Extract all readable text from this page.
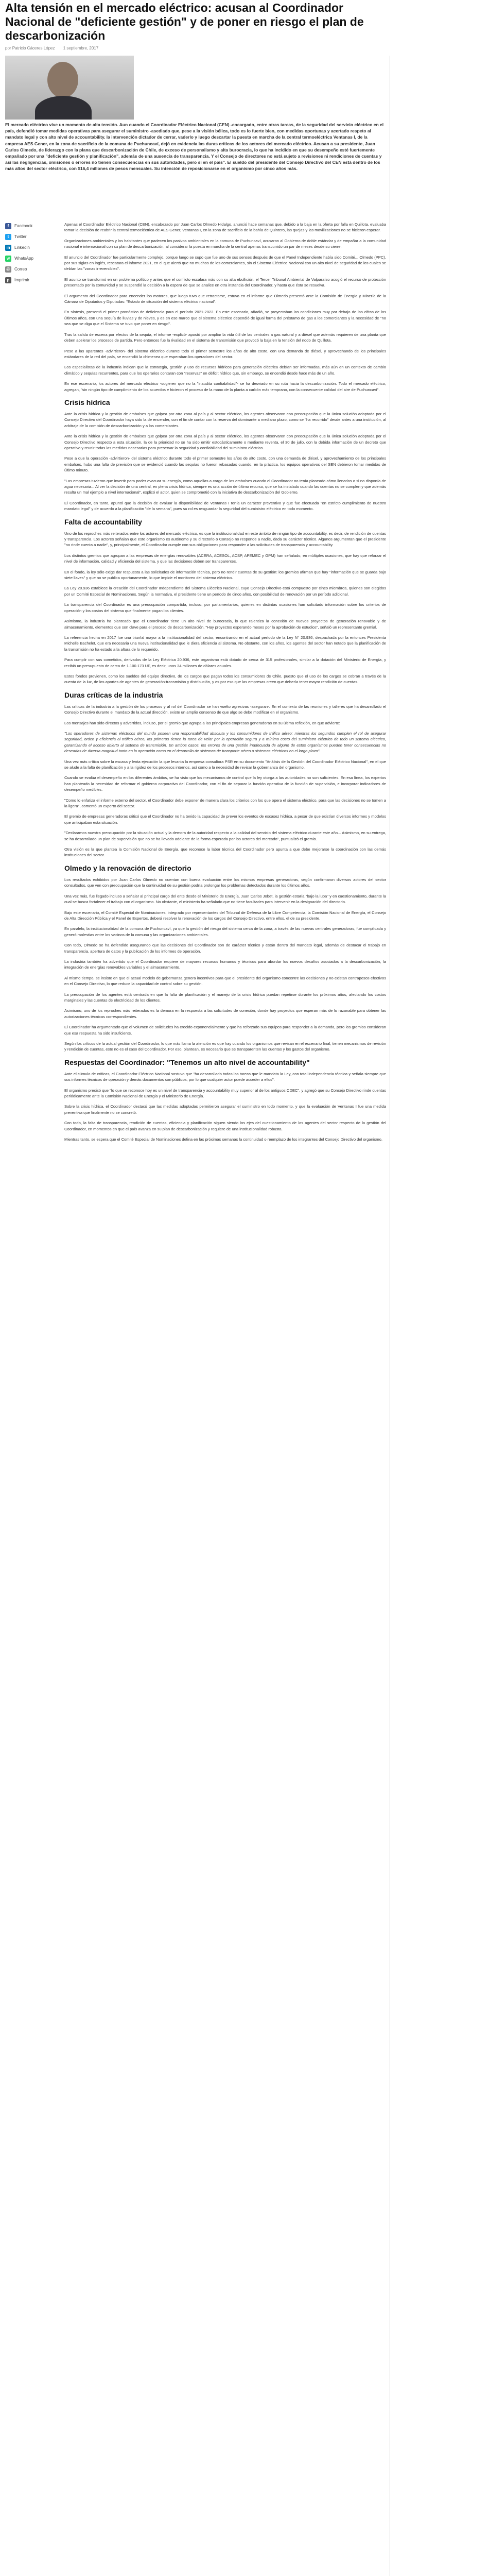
Alta tensión en el mercado eléctrico: acusan al Coordinador Nacional de "deficiente gestión" y de poner en riesgo el plan de descarbonización
por Patricio Cáceres López 1 septiembre, 2017
El mercado eléctrico vive un momento de alta tensión. Aun cuando el Coordinador Eléctrico Nacional (CEN) -encargado, entre otras tareas, de la seguridad del servicio eléctrico en el país, defendió tomar medidas operativas para asegurar el suministro -asediado que, pese a la visión bélica, todo es lo fuerte bien, con medidas oportunas y acertado respeto al mandato legal y con alto nivel de accountability. la intervención dictador de cerrar, vaderlo y luego descartar la puesta en marcha de la central termoeléctrica Ventanas I, de la empresa AES Gener, en la zona de sacrificio de la comuna de Puchuncaví, dejó en evidencia las duras críticas de los actores del mercado eléctrico. Acusan a su presidente, Juan Carlos Olmedo, de liderazgo con la plana que descarbonización de Chile, de exceso de personalismo y alta burocracia, lo que ha incidido en que su desempeño esté fuertemente empañado por una "deficiente gestión y planificación", además de una ausencia de transparencia. Y el Consejo de directores no está sujeto a revisiones ni rendiciones de cuentas y así las negligencias, omisiones o errores no tienen consecuencias en sus autoridades, pero sí en el país". El sueldo del presidente del Consejo Directivo del CEN está dentro de los más altos del sector eléctrico, con $16,4 millones de pesos mensuales. Su intención de reposicionarse en el organismo por cinco años más.
f	Facebook
t	Twitter
in	Linkedin
w	WhatsApp
@ Correo
p	Imprimir

Apenas el Coordinador Eléctrico Nacional (CEN), encabezado por Juan Carlos Olmedo Hidalgo, anunció hace semanas que, debido a la baja en la oferta por falla en Quillota, evaluaba tomar la decisión de reabrir la central termoeléctrica de AES Gener, Ventanas I, en la zona de sacrificio de la bahía de Quintero, las quejas y las movilizaciones no se hicieron esperar.

Organizaciones ambientales y los habitantes que padecen los pasivos ambientales en la comuna de Puchuncaví, acusaron al Gobierno de doble estándar y de empañar a la comunidad nacional e internacional con su plan de descarbonización, al considerar la puesta en marcha de la central apenas transcurrido un par de meses desde su cierre.

El anuncio del Coordinador fue particularmente complejo, porque luego se supo que fue uno de sus senses después de que el Panel Independiente había sido Comité... Olmedo (PPC), por sus siglas en inglés, rescatara el informe 2021, en el que alertó que no muchos de los comerciantes, sin el Sistema Eléctrico Nacional con un alto nivel de seguridad de los cuales se debían las "zonas irreversibles".

El asunto se transformó en un problema político y antes que el conflicto escalara más con su alta ebullición, el Tercer Tribunal Ambiental de Valparaíso acogió el recurso de protección presentado por la comunidad y se suspendió la decisión a la espera de que se analice en otra instancia del Coordinador, y hasta que ésta se resuelva.

El argumento del Coordinador para encender los motores, que luego tuvo que retractarse, estuvo en el informe que Olmedo presentó ante la Comisión de Energía y Minería de la Cámara de Diputados y Diputadas: "Estado de situación del sistema eléctrico nacional".

En síntesis, presentó el primer pronóstico de deficiencia para el período 2021-2022. En este escenario, añadió, se proyectaban las condiciones muy por debajo de las cifras de los últimos años, con una sequía de lluvias y de nieves, y es en ese marco que el sistema eléctrico dependió de igual forma del préstamo de gas a los comerciantes y la necesidad de "no sea que se diga que el Sistema se tuvo que poner en riesgo".

Tras la salida de escena por efectos de la sequía, el informe -explicó- apostó por ampliar la vida útil de las centrales a gas natural y a diésel que además requieren de una planta que deben acelerar los procesos de partida. Pero entonces fue la rivalidad en el sistema de transmisión que provocó la baja en la tensión del nodo de Quillota.

Pese a las aparentes -advirtieron- del sistema eléctrico durante todo el primer semestre los años de alto costo, con una demanda de diésel, y aprovechando de los principales estándares de la red del país, se encendió la chimenea que esperaban los operadores del sector.

Los especialistas de la industria indican que la estrategia, gestión y uso de recursos hídricos para generación eléctrica debían ser informadas, más aún en un contexto de cambio climático y sequías recurrentes, para que los operarios contaran con "reservas" en déficit hídrico que, sin embargo, se encendió desde hace más de un año.

En ese escenario, los actores del mercado eléctrico -sugieren que no la "inaudita confiabilidad"- se ha desviado en su ruta hacia la descarbonización. Todo el mercado eléctrico, agregan, "sin ningún tipo de cumplimiento de los acuerdos e hicieron el proceso de la mano de la planta a carbón más temprano, con la consecuente calidad del aire de Puchuncaví".

Crisis hídrica

Ante la crisis hídrica y la gestión de embalses que golpea por otra zona al país y al sector eléctrico, los agentes observaron con preocupación que la única solución adoptada por el Consejo Directivo del Coordinador haya sido la de encender, con el fin de contar con la reserva del dominante a mediano plazo, como se "ha recurrido" desde antes a una institución, al arbitraje de la comisión de descarbonización y a los comerciantes.

Ante la crisis hídrica y la gestión de embalses que golpea por otra zona al país y al sector eléctrico, los agentes observaron con preocupación que la única solución adoptada por el Consejo Directivo respecto a esta situación, la de la prioridad no se ha sido emitir estocásticamente o mediante reventa, el 30 de julio, con la debida información de un decreto que operativo y reunir todas las medidas necesarias para preservar la seguridad y confiabilidad del suministro eléctrico.

Pese a que la operación -advirtieron- del sistema eléctrico durante todo el primer semestre los años de alto costo, con una demanda de diésel, y aprovechamiento de los principales embalses, hubo una falta de previsión que se evidenció cuando las sequías no fueron rebasadas cuando, en la práctica, los equipos operativos del SEN debieron tomar medidas de último minuto.

"Las empresas tuvieron que invertir para poder evacuar su energía, como aquellas a cargo de los embalses cuando el Coordinador no tenía planeado cómo llenarlos o si no disponía de agua necesaria... Al ver la decisión de una central, en plena crisis hídrica, siempre es una acción de último recurso, que se ha instalado cuando las cuentas no se cumplen y que además resulta un mal ejemplo a nivel internacional", explicó el actor, quien se comprometió con la iniciativa de descarbonización del Gobierno.

El Coordinador, en tanto, apuntó que la decisión de evaluar la disponibilidad de Ventanas I tenía un carácter preventivo y que fue efectuada "en estricto cumplimiento de nuestro mandato legal" y de acuerdo a la planificación "de la semana", pues su rol es resguardar la seguridad del suministro eléctrico en todo momento.

Falta de accountability

Uno de los reproches más reiterados entre los actores del mercado eléctrico, es que la institucionalidad en este ámbito de ningún tipo de accountability, es decir, de rendición de cuentas y transparencia. Los actores señalan que este organismo es autónomo y su directorio o Consejo no responde a nadie, dada su carácter técnico. Algunos argumentan que el presidente "no rinde cuenta a nadie", y, principalmente, el Coordinador cumple con sus obligaciones para responder a las solicitudes de transparencia y accountability.

Los distintos gremios que agrupan a las empresas de energías renovables (ACERA, ACESOL, ACSP, APEMEC y GPM) han señalado, en múltiples ocasiones, que hay que reforzar el nivel de información, calidad y eficiencia del sistema, y que las decisiones deben ser transparentes.

En el fondo, la ley sólo exige dar respuesta a las solicitudes de información técnica, pero no rendir cuentas de su gestión: los gremios afirman que hay "información que se guarda bajo siete llaves" y que no se publica oportunamente, lo que impide el monitoreo del sistema eléctrico.

La Ley 20.936 establece la creación del Coordinador Independiente del Sistema Eléctrico Nacional, cuyo Consejo Directivo está compuesto por cinco miembros, quienes son elegidos por un Comité Especial de Nominaciones. Según la normativa, el presidente tiene un período de cinco años, con posibilidad de renovación por un período adicional.

La transparencia del Coordinador es una preocupación compartida, incluso, por parlamentarios, quienes en distintas ocasiones han solicitado información sobre los criterios de operación y los costos del sistema que finalmente pagan los clientes.

Asimismo, la industria ha planteado que el Coordinador tiene un alto nivel de burocracia, lo que ralentiza la conexión de nuevos proyectos de generación renovable y de almacenamiento, elementos que son clave para el proceso de descarbonización. "Hay proyectos esperando meses por la aprobación de estudios", señaló un representante gremial.

La referencia hecha en 2017 fue una triunfal mayor a la institucionalidad del sector, encontrando en el actual período de la Ley N° 20.936, despachada por la entonces Presidenta Michelle Bachelet, que era necesaria una nueva institucionalidad que le diera eficiencia al sistema. No obstante, con los años, los agentes del sector han notado que la planificación de la transmisión no ha estado a la altura de lo requerido.

Para cumplir con sus cometidos, derivados de la Ley Eléctrica 20.936, este organismo está dotado de cerca de 315 profesionales, similar a la dotación del Ministerio de Energía, y recibió un presupuesto de cerca de 1.100.173 UF, es decir, unos 34 millones de dólares anuales.

Estos fondos provienen, como los sueldos del equipo directivo, de los cargos que pagan todos los consumidores de Chile, puesto que el uso de los cargos se cobran a través de la cuenta de la luz, de los aportes de agentes de generación-transmisión y distribución, y es por eso que las empresas creen que debería tener mayor rendición de cuentas.

Duras críticas de la industria

Las críticas de la industria a la gestión de los procesos y al rol del Coordinador se han vuelto agresivas -aseguran-. En el contexto de las reuniones y talleres que ha desarrollado el Consejo Directivo durante el mandato de la actual dirección, existe un amplio consenso de que algo se debe modificar en el organismo.

Los mensajes han sido directos y advertidos, incluso, por el gremio que agrupa a las principales empresas generadoras en su última reflexión, en que advierte:

"Los operadores de sistemas eléctricos del mundo poseen una responsabilidad absoluta y los consumidores de tráfico aéreo: mientras los segundos cumplen el rol de asegurar seguridad, orden y eficiencia al tráfico aéreo, los primeros tienen la tarea de velar por la operación segura y a mínimo costo del suministro eléctrico de todo un sistema eléctrico, garantizando el acceso abierto al sistema de transmisión. En ambos casos, los errores de una gestión inadecuada de alguno de estos organismos pueden tener consecuencias no deseadas de diversa magnitud tanto en la operación como en el desarrollo de sistemas de transporte aéreo o sistemas eléctricos en el largo plazo".

Una vez más crítica sobre la escasa y lenta ejecución la que levanta la empresa consultora PSR en su documento "Análisis de la Gestión del Coordinador Eléctrico Nacional", en el que se alude a la falta de planificación y a la rigidez de los procesos internos, así como a la necesidad de revisar la gobernanza del organismo.

Cuando se evalúa el desempeño en los diferentes ámbitos, se ha visto que los mecanismos de control que la ley otorga a las autoridades no son suficientes. En esa línea, los expertos han planteado la necesidad de reformar el gobierno corporativo del Coordinador, con el fin de separar la función operativa de la función de supervisión, e incorporar indicadores de desempeño medibles.

"Como lo enfatiza el informe externo del sector, el Coordinador debe exponer de manera clara los criterios con los que opera el sistema eléctrico, para que las decisiones no se tomen a la ligera", comentó un experto del sector.

El gremio de empresas generadoras criticó que el Coordinador no ha tenido la capacidad de prever los eventos de escasez hídrica, a pesar de que existían diversos informes y modelos que anticipaban esta situación.

"Declaramos nuestra preocupación por la situación actual y la demora de la autoridad respecto a la calidad del servicio del sistema eléctrico durante este año... Asimismo, en su entrega, se ha desarrollado un plan de supervisión que no se ha llevado adelante de la forma esperada por los actores del mercado", puntualizó el gremio.

Otra visión es la que plantea la Comisión Nacional de Energía, que reconoce la labor técnica del Coordinador pero apunta a que debe mejorarse la coordinación con las demás instituciones del sector.

Olmedo y la renovación de directorio

Los resultados exhibidos por Juan Carlos Olmedo no cuentan con buena evaluación entre los mismos empresas generadoras, según confirmaron diversos actores del sector consultados, que ven con preocupación que la continuidad de su gestión podría prolongar los problemas detectados durante los últimos años.

Una vez más, fue llegado incluso a señalar al principal cargo del ente desde el Ministerio de Energía, Juan Carlos Jobet, la gestión estaría "bajo la lupa" y en cuestionamiento, durante la cual se busca fortalecer el trabajo con el organismo. No obstante, el ministerio ha señalado que no tiene facultades para intervenir en la designación del directorio.

Bajo este escenario, el Comité Especial de Nominaciones, integrado por representantes del Tribunal de Defensa de la Libre Competencia, la Comisión Nacional de Energía, el Consejo de Alta Dirección Pública y el Panel de Expertos, deberá resolver la renovación de los cargos del Consejo Directivo, entre ellos, el de su presidente.

En paralelo, la institucionalidad de la comuna de Puchuncaví, ya que la gestión del riesgo del sistema cerca de la zona, a través de las nuevas centrales generadoras, fue complicada y generó molestias entre los vecinos de la comuna y las organizaciones ambientales.

Con todo, Olmedo se ha defendido asegurando que las decisiones del Coordinador son de carácter técnico y están dentro del mandato legal, además de destacar el trabajo en transparencia, apertura de datos y la publicación de los informes de operación.

La industria también ha advertido que el Coordinador requiere de mayores recursos humanos y técnicos para abordar los nuevos desafíos asociados a la descarbonización, la integración de energías renovables variables y el almacenamiento.

Al mismo tiempo, se insiste en que el actual modelo de gobernanza genera incentivos para que el presidente del organismo concentre las decisiones y no existan contrapesos efectivos en el Consejo Directivo, lo que reduce la capacidad de control sobre su gestión.

La preocupación de los agentes está centrada en que la falta de planificación y el manejo de la crisis hídrica puedan repetirse durante los próximos años, afectando los costos marginales y las cuentas de electricidad de los clientes.

Asimismo, uno de los reproches más reiterados es la demora en la respuesta a las solicitudes de conexión, donde hay proyectos que esperan más de lo razonable para obtener las autorizaciones técnicas correspondientes.

El Coordinador ha argumentado que el volumen de solicitudes ha crecido exponencialmente y que ha reforzado sus equipos para responder a la demanda, pero los gremios consideran que esa respuesta ha sido insuficiente.

Según los críticos de la actual gestión del Coordinador, lo que más llama la atención es que hay cuando los organismos que revisan en el escenario final, tienen mecanismos de revisión y rendición de cuentas, este no es el caso del Coordinador. Por eso, plantean, es necesario que se transparenten las cuentas y los gastos del organismo.

Respuestas del Coordinador: "Tenemos un alto nivel de accountability"

Ante el cúmulo de críticas, el Coordinador Eléctrico Nacional sostuvo que "ha desarrollado todas las tareas que le mandata la Ley, con total independencia técnica y señala siempre que sus informes técnicos de operación y demás documentos son públicos, por lo que cualquier actor puede acceder a ellos".

El organismo precisó que "lo que se reconoce hoy es un nivel de transparencia y accountability muy superior al de los antiguos CDEC", y agregó que su Consejo Directivo rinde cuentas periódicamente ante la Comisión Nacional de Energía y el Ministerio de Energía.

Sobre la crisis hídrica, el Coordinador destacó que las medidas adoptadas permitieron asegurar el suministro en todo momento, y que la evaluación de Ventanas I fue una medida preventiva que finalmente no se concretó.

Con todo, la falta de transparencia, rendición de cuentas, eficiencia y planificación siguen siendo los ejes del cuestionamiento de los agentes del sector respecto de la gestión del Coordinador, en momentos en que el país avanza en su plan de descarbonización y requiere de una institucionalidad robusta.

Mientras tanto, se espera que el Comité Especial de Nominaciones defina en las próximas semanas la continuidad o reemplazo de los integrantes del Consejo Directivo del organismo.
